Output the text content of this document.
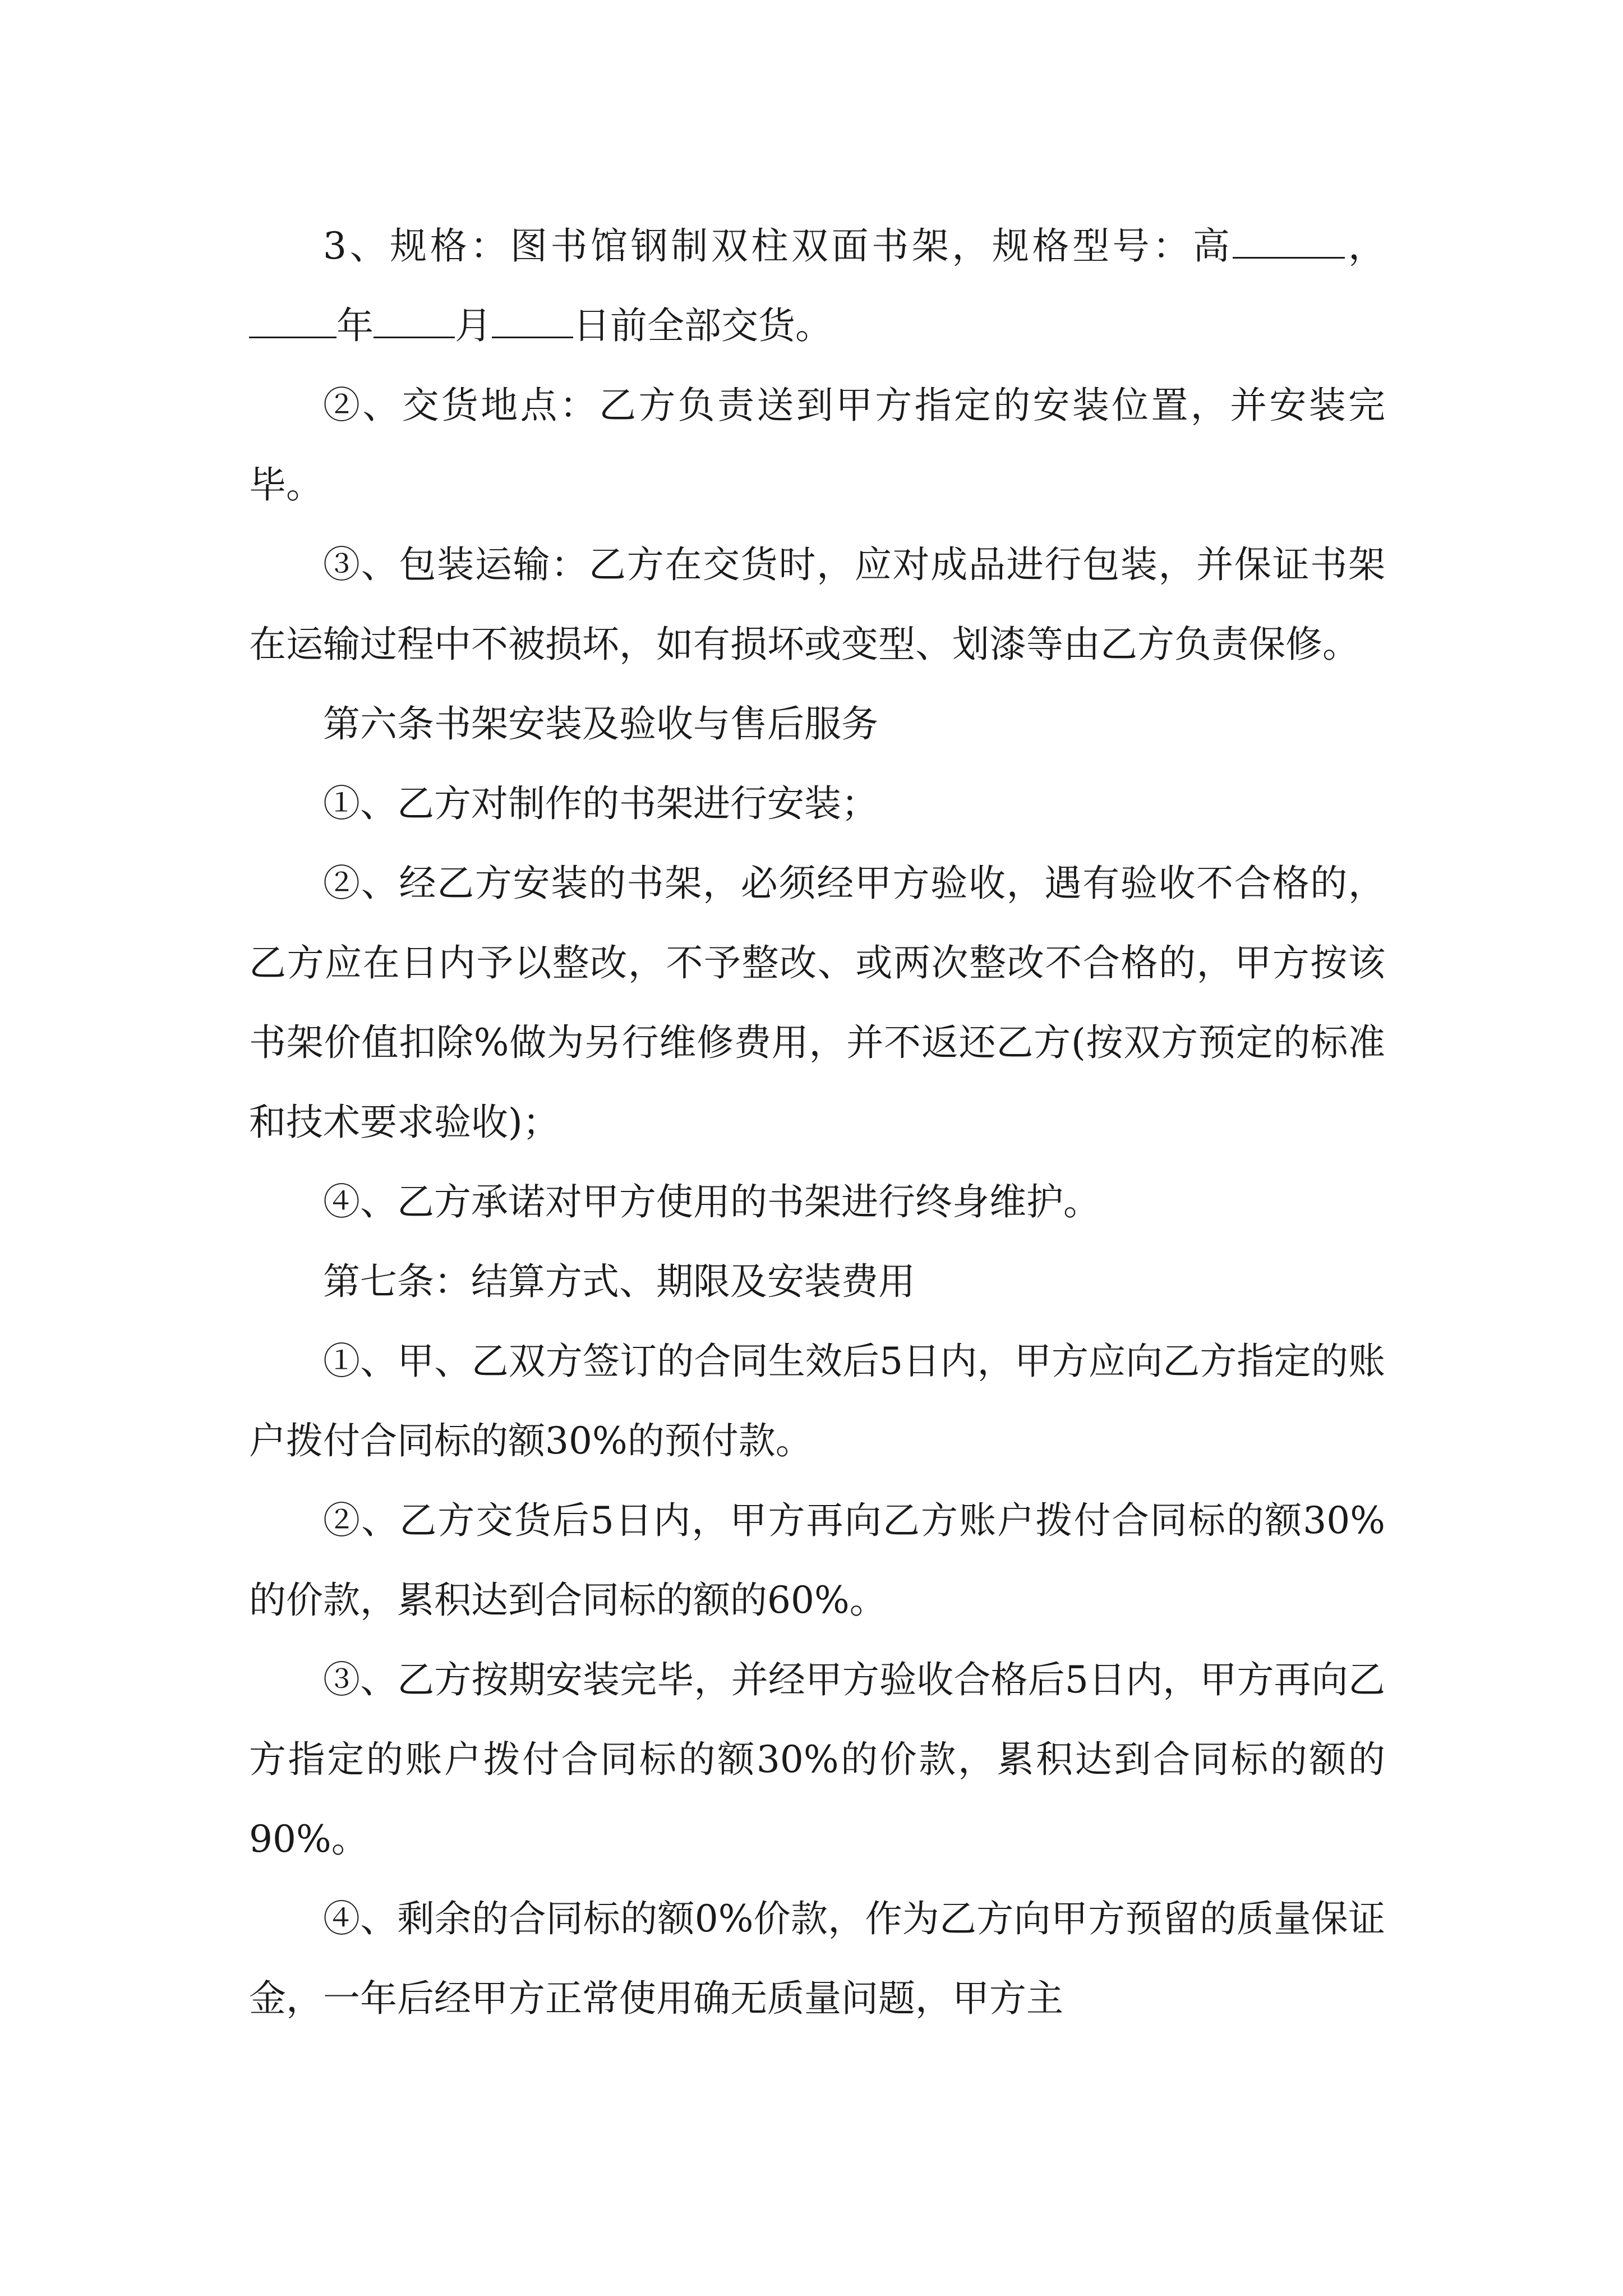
3、规格：图书馆钢制双柱双面书架，规格型号：高	，年 月 日前全部交货。

②、交货地点：乙方负责送到甲方指定的安装位置，并安装完毕。

③、包装运输：乙方在交货时，应对成品进行包装，并保证书架在运输过程中不被损坏，如有损坏或变型、划漆等由乙方负责保修。

第六条书架安装及验收与售后服务

①、乙方对制作的书架进行安装；

②、经乙方安装的书架，必须经甲方验收，遇有验收不合格的，乙方应在日内予以整改，不予整改、或两次整改不合格的，甲方按该书架价值扣除%做为另行维修费用，并不返还乙方(按双方预定的标准和技术要求验收)；

④、乙方承诺对甲方使用的书架进行终身维护。

第七条：结算方式、期限及安装费用

①、甲、乙双方签订的合同生效后5日内，甲方应向乙方指定的账户拨付合同标的额30%的预付款。

②、乙方交货后5日内，甲方再向乙方账户拨付合同标的额30%的价款，累积达到合同标的额的60%。

③、乙方按期安装完毕，并经甲方验收合格后5日内，甲方再向乙方指定的账户拨付合同标的额30%的价款，累积达到合同标的额的90%。

④、剩余的合同标的额0%价款，作为乙方向甲方预留的质量保证金，一年后经甲方正常使用确无质量问题，甲方主
